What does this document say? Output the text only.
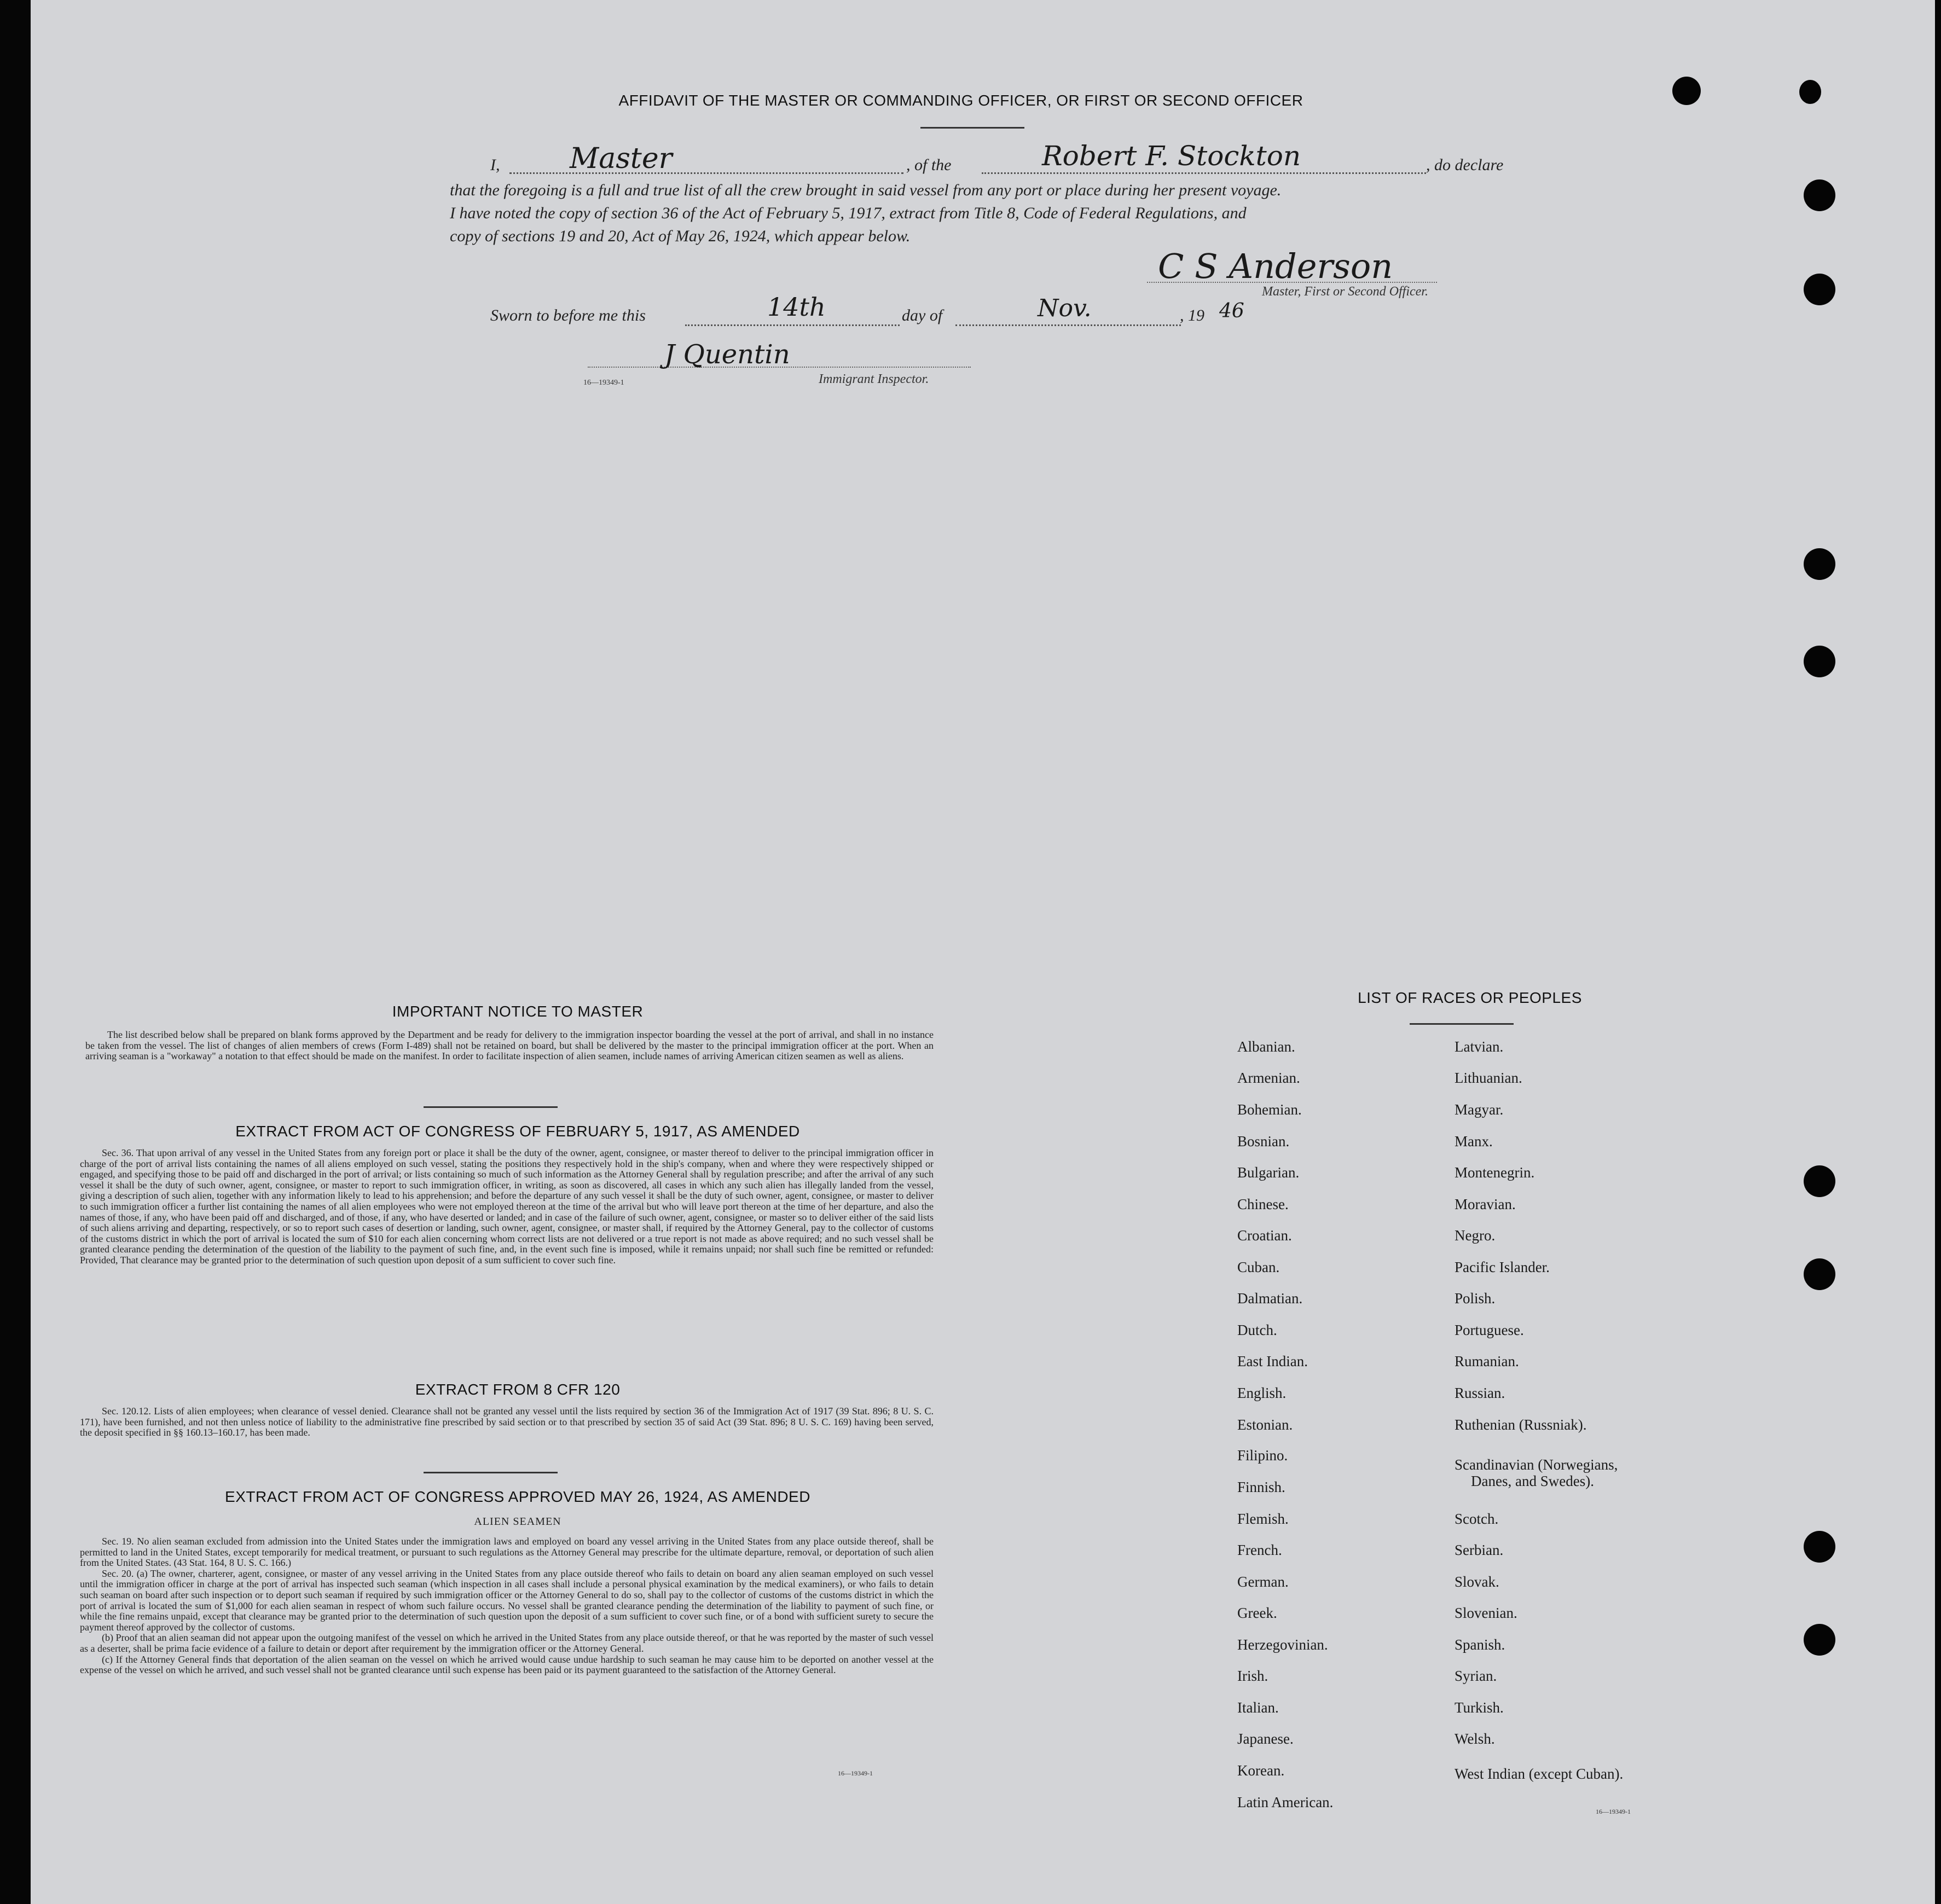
AFFIDAVIT OF THE MASTER OR COMMANDING OFFICER, OR FIRST OR SECOND OFFICER
I, Master	, of the	Robert F. Stockton	, do declare
that the foregoing is a full and true list of all the crew brought in said vessel from any port or place during her present voyage.
I have noted the copy of section 36 of the Act of February 5, 1917, extract from Title 8, Code of Federal Regulations, and
copy of sections 19 and 20, Act of May 26, 1924, which appear below.
C S Anderson
Master, First or Second Officer.
Sworn to before me this	14th	day of	Nov.	, 19 46
J Quentin
16—19349-1	Immigrant Inspector.
IMPORTANT NOTICE TO MASTER
The list described below shall be prepared on blank forms approved by the Department and be ready for delivery to the immigration inspector boarding the vessel at the port of arrival, and shall in no instance be taken from the vessel. The list of changes of alien members of crews (Form I-489) shall not be retained on board, but shall be delivered by the master to the principal immigration officer at the port. When an arriving seaman is a "workaway" a notation to that effect should be made on the manifest. In order to facilitate inspection of alien seamen, include names of arriving American citizen seamen as well as aliens.
EXTRACT FROM ACT OF CONGRESS OF FEBRUARY 5, 1917, AS AMENDED
Sec. 36. That upon arrival of any vessel in the United States from any foreign port or place it shall be the duty of the owner, agent, consignee, or master thereof to deliver to the principal immigration officer in charge of the port of arrival lists containing the names of all aliens employed on such vessel, stating the positions they respectively hold in the ship's company, when and where they were respectively shipped or engaged, and specifying those to be paid off and discharged in the port of arrival; or lists containing so much of such information as the Attorney General shall by regulation prescribe; and after the arrival of any such vessel it shall be the duty of such owner, agent, consignee, or master to report to such immigration officer, in writing, as soon as discovered, all cases in which any such alien has illegally landed from the vessel, giving a description of such alien, together with any information likely to lead to his apprehension; and before the departure of any such vessel it shall be the duty of such owner, agent, consignee, or master to deliver to such immigration officer a further list containing the names of all alien employees who were not employed thereon at the time of the arrival but who will leave port thereon at the time of her departure, and also the names of those, if any, who have been paid off and discharged, and of those, if any, who have deserted or landed; and in case of the failure of such owner, agent, consignee, or master so to deliver either of the said lists of such aliens arriving and departing, respectively, or so to report such cases of desertion or landing, such owner, agent, consignee, or master shall, if required by the Attorney General, pay to the collector of customs of the customs district in which the port of arrival is located the sum of $10 for each alien concerning whom correct lists are not delivered or a true report is not made as above required; and no such vessel shall be granted clearance pending the determination of the question of the liability to the payment of such fine, and, in the event such fine is imposed, while it remains unpaid; nor shall such fine be remitted or refunded: Provided, That clearance may be granted prior to the determination of such question upon deposit of a sum sufficient to cover such fine.
EXTRACT FROM 8 CFR 120
Sec. 120.12. Lists of alien employees; when clearance of vessel denied. Clearance shall not be granted any vessel until the lists required by section 36 of the Immigration Act of 1917 (39 Stat. 896; 8 U. S. C. 171), have been furnished, and not then unless notice of liability to the administrative fine prescribed by said section or to that prescribed by section 35 of said Act (39 Stat. 896; 8 U. S. C. 169) having been served, the deposit specified in §§ 160.13–160.17, has been made.
EXTRACT FROM ACT OF CONGRESS APPROVED MAY 26, 1924, AS AMENDED
ALIEN SEAMEN
Sec. 19. No alien seaman excluded from admission into the United States under the immigration laws and employed on board any vessel arriving in the United States from any place outside thereof, shall be permitted to land in the United States, except temporarily for medical treatment, or pursuant to such regulations as the Attorney General may prescribe for the ultimate departure, removal, or deportation of such alien from the United States. (43 Stat. 164, 8 U. S. C. 166.)
Sec. 20. (a) The owner, charterer, agent, consignee, or master of any vessel arriving in the United States from any place outside thereof who fails to detain on board any alien seaman employed on such vessel until the immigration officer in charge at the port of arrival has inspected such seaman (which inspection in all cases shall include a personal physical examination by the medical examiners), or who fails to detain such seaman on board after such inspection or to deport such seaman if required by such immigration officer or the Attorney General to do so, shall pay to the collector of customs of the customs district in which the port of arrival is located the sum of $1,000 for each alien seaman in respect of whom such failure occurs. No vessel shall be granted clearance pending the determination of the liability to payment of such fine, or while the fine remains unpaid, except that clearance may be granted prior to the determination of such question upon the deposit of a sum sufficient to cover such fine, or of a bond with sufficient surety to secure the payment thereof approved by the collector of customs.
(b) Proof that an alien seaman did not appear upon the outgoing manifest of the vessel on which he arrived in the United States from any place outside thereof, or that he was reported by the master of such vessel as a deserter, shall be prima facie evidence of a failure to detain or deport after requirement by the immigration officer or the Attorney General.
(c) If the Attorney General finds that deportation of the alien seaman on the vessel on which he arrived would cause undue hardship to such seaman he may cause him to be deported on another vessel at the expense of the vessel on which he arrived, and such vessel shall not be granted clearance until such expense has been paid or its payment guaranteed to the satisfaction of the Attorney General.
16—19349-1
LIST OF RACES OR PEOPLES
Albanian.
Armenian.
Bohemian.
Bosnian.
Bulgarian.
Chinese.
Croatian.
Cuban.
Dalmatian.
Dutch.
East Indian.
English.
Estonian.
Filipino.
Finnish.
Flemish.
French.
German.
Greek.
Herzegovinian.
Irish.
Italian.
Japanese.
Korean.
Latin American.
Latvian.
Lithuanian.
Magyar.
Manx.
Montenegrin.
Moravian.
Negro.
Pacific Islander.
Polish.
Portuguese.
Rumanian.
Russian.
Ruthenian (Russniak).
Scandinavian (Norwegians,
Danes, and Swedes).
Scotch.
Serbian.
Slovak.
Slovenian.
Spanish.
Syrian.
Turkish.
Welsh.
West Indian (except Cuban).
16—19349-1
